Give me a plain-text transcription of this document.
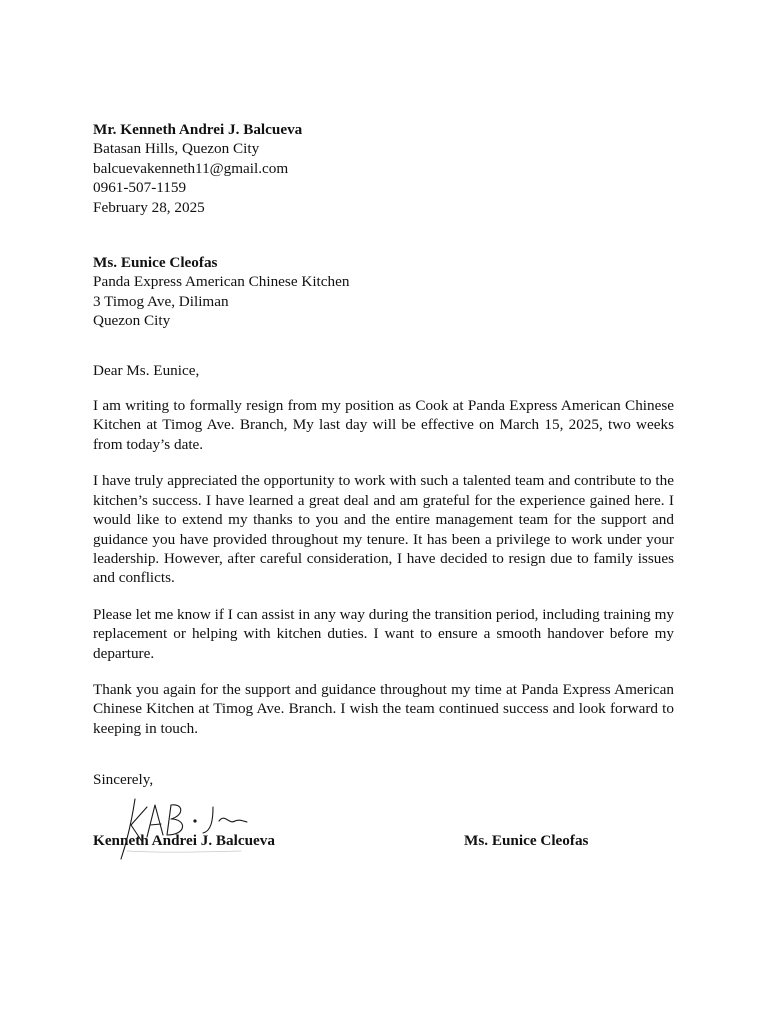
Mr. Kenneth Andrei J. Balcueva
Batasan Hills, Quezon City
balcuevakenneth11@gmail.com
0961-507-1159
February 28, 2025
Ms. Eunice Cleofas
Panda Express American Chinese Kitchen
3 Timog Ave, Diliman
Quezon City
Dear Ms. Eunice,

I am writing to formally resign from my position as Cook at Panda Express American Chinese Kitchen at Timog Ave. Branch, My last day will be effective on March 15, 2025, two weeks from today’s date.

I have truly appreciated the opportunity to work with such a talented team and contribute to the kitchen’s success. I have learned a great deal and am grateful for the experience gained here. I would like to extend my thanks to you and the entire management team for the support and guidance you have provided throughout my tenure. It has been a privilege to work under your leadership. However, after careful consideration, I have decided to resign due to family issues and conflicts.

Please let me know if I can assist in any way during the transition period, including training my replacement or helping with kitchen duties. I want to ensure a smooth handover before my departure.

Thank you again for the support and guidance throughout my time at Panda Express American Chinese Kitchen at Timog Ave. Branch. I wish the team continued success and look forward to keeping in touch.

Sincerely,
Kenneth Andrei J. Balcueva	Ms. Eunice Cleofas
